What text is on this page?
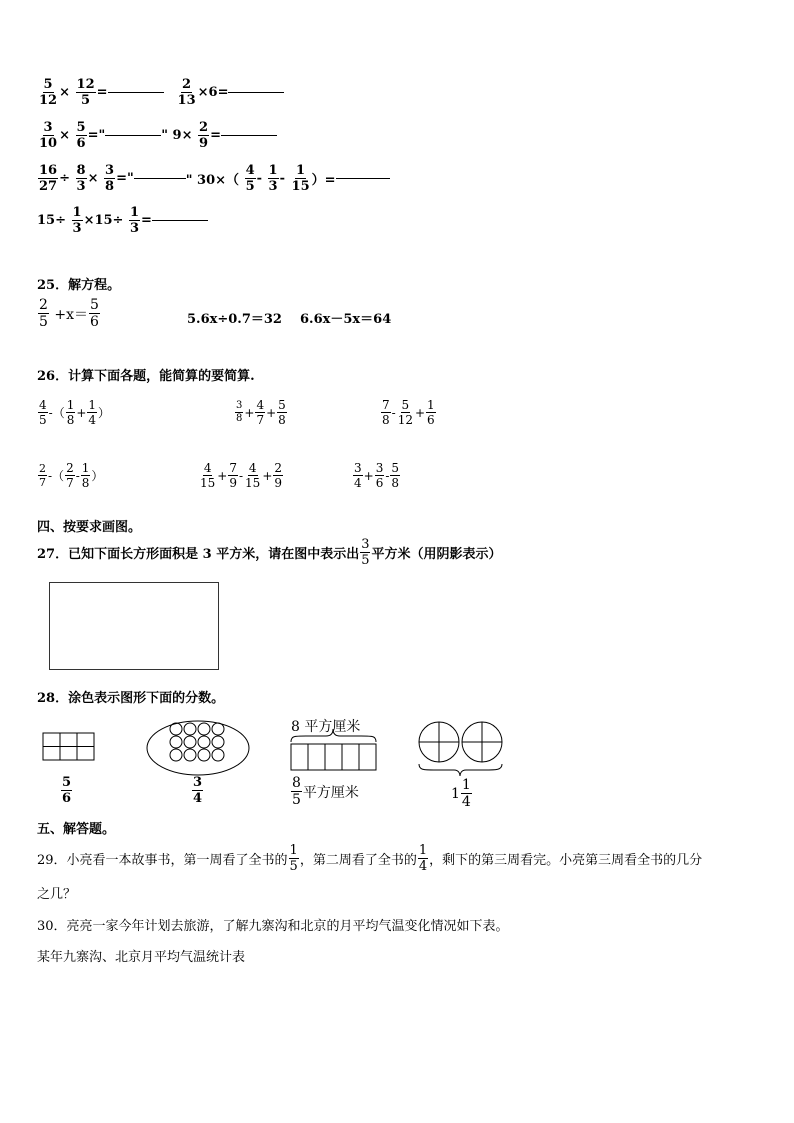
$\frac{5}{12}$ ×
$\frac{12}{5}$ =	$\frac{2}{13} \times 6=$
$\frac{3}{10}$ ×
$\frac{5}{6}$ ="	" 9×
$\frac{2}{9}$ =
$\frac{16}{27}$ ÷
$\frac{8}{3}$ ×
$\frac{3}{8}$ ="	" 30×（
$\frac{4}{5}$ -
$\frac{1}{3}$ -
$\frac{1}{15}$ ）=
15÷
$\frac{1}{3} \times 15\div$
$\frac{1}{3}$ =
25．解方程。
$\frac{2}{5}$
$+x= \frac{5}{6}$	5.6x÷0.7＝32 6.6x－5x＝64
26．计算下面各题，能简算的要简算.
$\frac{4}{5}$ -（ $\frac{1}{8} + \frac{1}{4}$ ）	$\frac{3}{8} + \frac{4}{7} + \frac{5}{8}$	$\frac{7}{8} - \frac{5}{12} + \frac{1}{6}$
$\frac{2}{7}$ -（ $\frac{2}{7} - \frac{1}{8}$ ）	$\frac{4}{15} + \frac{7}{9} - \frac{4}{15} + \frac{2}{9}$	$\frac{3}{4} + \frac{3}{6} - \frac{5}{8}$
四、按要求画图。
27．已知下面长方形面积是 3 平方米，请在图中表示出 $\frac{3}{5}$ 平方米（用阴影表示）
28．涂色表示图形下面的分数。
8 平方厘米
$\frac{5}{6}$	$\frac{3}{4}$	$\frac{8}{5}$ 平方厘米	$1 \frac{1}{4}$
五、解答题。
29．小亮看一本故事书，第一周看了全书的 $\frac{1}{5}$ ，第二周看了全书的 $\frac{1}{4}$ ，剩下的第三周看完。小亮第三周看全书的几分
之几？
30．亮亮一家今年计划去旅游，了解九寨沟和北京的月平均气温变化情况如下表。
某年九寨沟、北京月平均气温统计表
